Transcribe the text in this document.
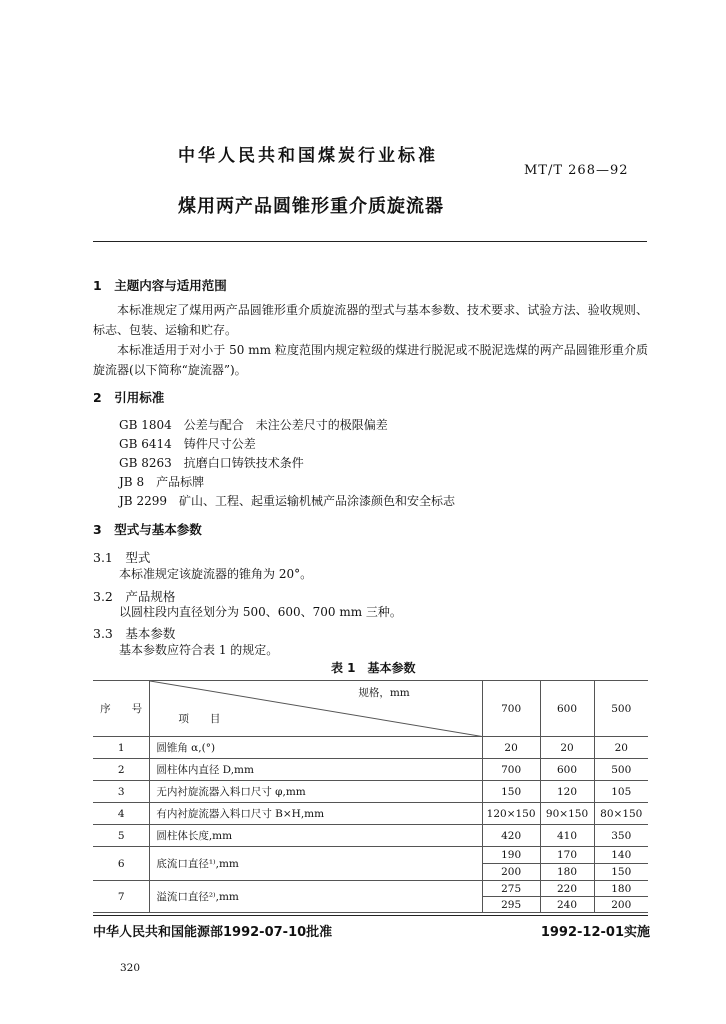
中华人民共和国煤炭行业标准
MT/T 268—92
煤用两产品圆锥形重介质旋流器
1　主题内容与适用范围
本标准规定了煤用两产品圆锥形重介质旋流器的型式与基本参数、技术要求、试验方法、验收规则、标志、包装、运输和贮存。
本标准适用于对小于 50 mm 粒度范围内规定粒级的煤进行脱泥或不脱泥选煤的两产品圆锥形重介质旋流器(以下简称“旋流器”)。
2　引用标准
GB 1804　公差与配合　未注公差尺寸的极限偏差
GB 6414　铸件尺寸公差
GB 8263　抗磨白口铸铁技术条件
JB 8　产品标牌
JB 2299　矿山、工程、起重运输机械产品涂漆颜色和安全标志
3　型式与基本参数
3.1　型式
本标准规定该旋流器的锥角为 20°。
3.2　产品规格
以圆柱段内直径划分为 500、600、700 mm 三种。
3.3　基本参数
基本参数应符合表 1 的规定。
表 1　基本参数
序　　号	规格，mm
项　　目	700	600	500
1	圆锥角 α,(°)	20	20	20
2	圆柱体内直径 D,mm	700	600	500
3	无内衬旋流器入料口尺寸 φ,mm	150	120	105
4	有内衬旋流器入料口尺寸 B×H,mm	120×150	90×150	80×150
5	圆柱体长度,mm	420	410	350
6	底流口直径¹⁾,mm	190	170	140
		200	180	150
7	溢流口直径²⁾,mm	275	220	180
		295	240	200
中华人民共和国能源部1992-07-10批准	1992-12-01实施
320
